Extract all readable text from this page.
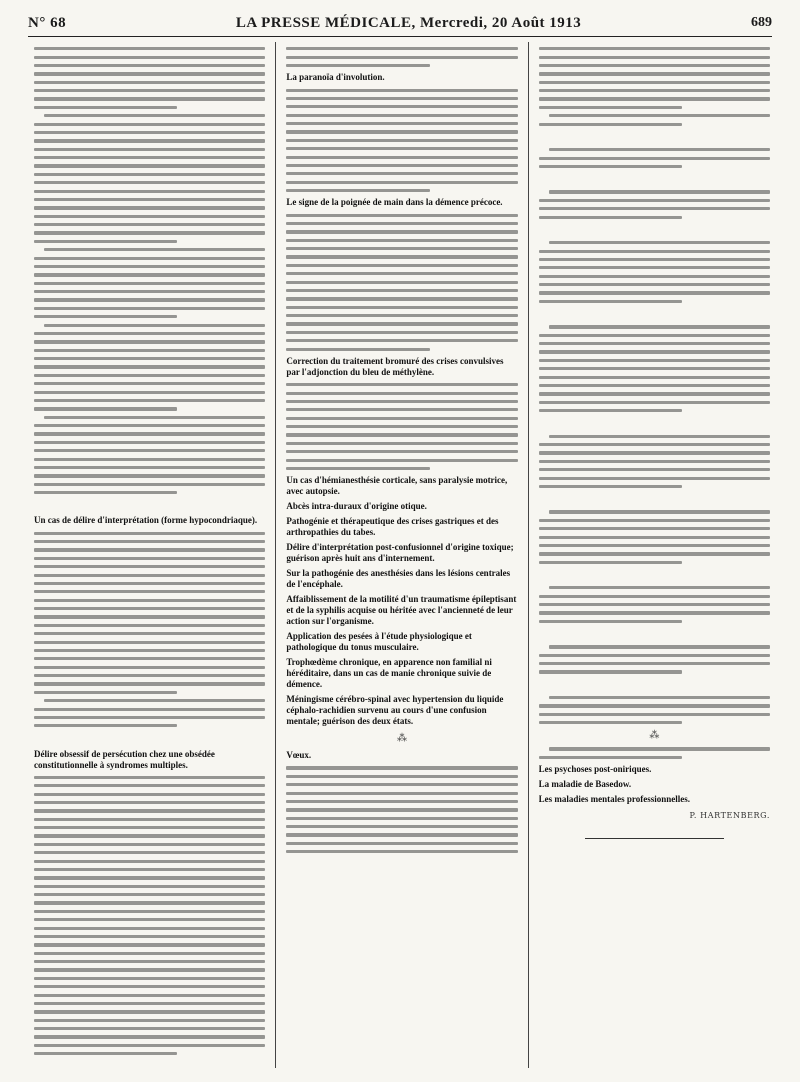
N° 68	LA PRESSE MÉDICALE, Mercredi, 20 Août 1913	689
Un cas de délire d'interprétation (forme hypocondriaque).
Délire obsessif de persécution chez une obsédée constitutionnelle à syndromes multiples.
La paranoïa d'involution.
Le signe de la poignée de main dans la démence précoce.
Correction du traitement bromuré des crises convulsives par l'adjonction du bleu de méthylène.
Un cas d'hémianesthésie corticale, sans paralysie motrice, avec autopsie.
Abcès intra-duraux d'origine otique.
Pathogénie et thérapeutique des crises gastriques et des arthropathies du tabes.
Délire d'interprétation post-confusionnel d'origine toxique; guérison après huit ans d'internement.
Sur la pathogénie des anesthésies dans les lésions centrales de l'encéphale.
Affaiblissement de la motilité d'un traumatisme épileptisant et de la syphilis acquise ou héritée avec l'ancienneté de leur action sur l'organisme.
Application des pesées à l'étude physiologique et pathologique du tonus musculaire.
Trophœdème chronique, en apparence non familial ni héréditaire, dans un cas de manie chronique suivie de démence.
Méningisme cérébro-spinal avec hypertension du liquide céphalo-rachidien survenu au cours d'une confusion mentale; guérison des deux états.
⁂
Vœux.
⁂
Les psychoses post-oniriques.
La maladie de Basedow.
Les maladies mentales professionnelles.
P. HARTENBERG.
